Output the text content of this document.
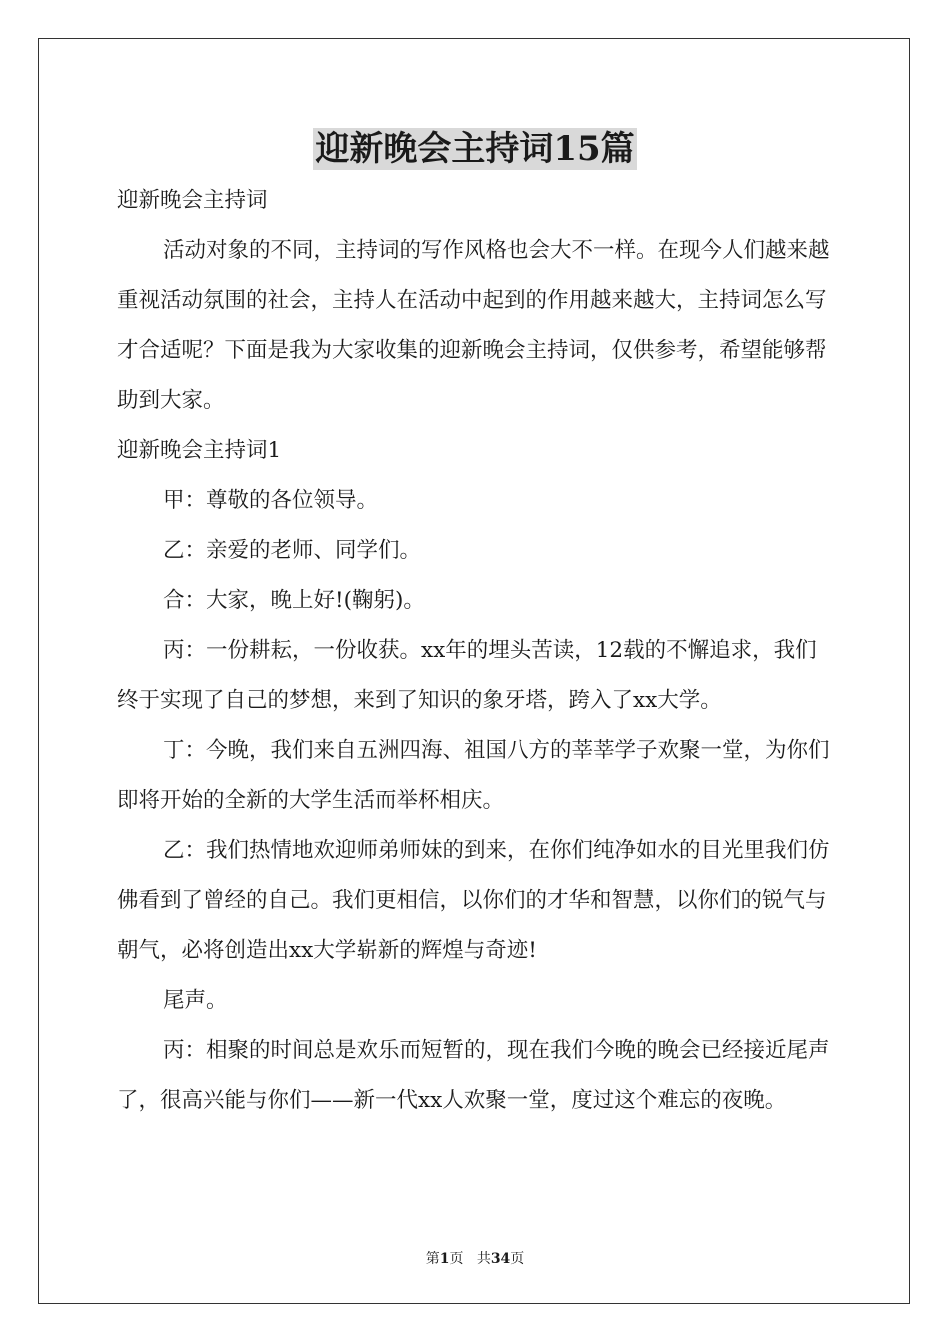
迎新晚会主持词15篇

迎新晚会主持词

活动对象的不同，主持词的写作风格也会大不一样。在现今人们越来越重视活动氛围的社会，主持人在活动中起到的作用越来越大，主持词怎么写才合适呢？下面是我为大家收集的迎新晚会主持词，仅供参考，希望能够帮助到大家。

迎新晚会主持词1

甲：尊敬的各位领导。

乙：亲爱的老师、同学们。

合：大家，晚上好!(鞠躬)。

丙：一份耕耘，一份收获。xx年的埋头苦读，12载的不懈追求，我们终于实现了自己的梦想，来到了知识的象牙塔，跨入了xx大学。

丁：今晚，我们来自五洲四海、祖国八方的莘莘学子欢聚一堂，为你们即将开始的全新的大学生活而举杯相庆。

乙：我们热情地欢迎师弟师妹的到来，在你们纯净如水的目光里我们仿佛看到了曾经的自己。我们更相信，以你们的才华和智慧，以你们的锐气与朝气，必将创造出xx大学崭新的辉煌与奇迹!

尾声。

丙：相聚的时间总是欢乐而短暂的，现在我们今晚的晚会已经接近尾声了，很高兴能与你们——新一代xx人欢聚一堂，度过这个难忘的夜晚。

第1页 共34页
